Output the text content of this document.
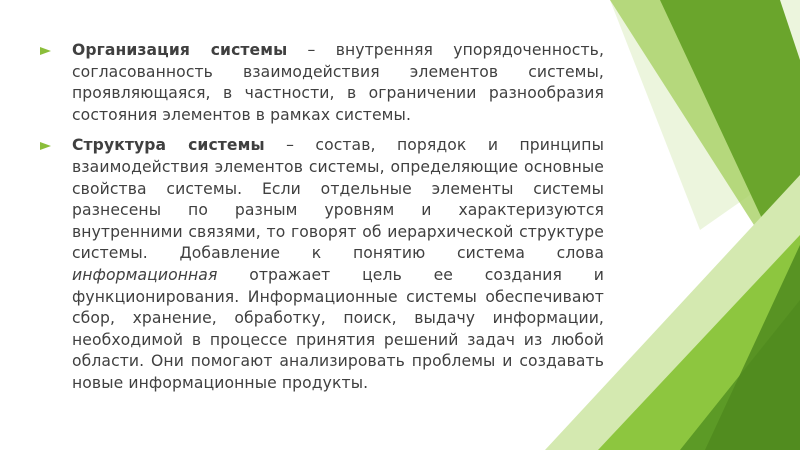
Организация системы – внутренняя упорядоченность, согласованность взаимодействия элементов системы, проявляющаяся, в частности, в ограничении разнообразия состояния элементов в рамках системы.

Структура системы – состав, порядок и принципы взаимодействия элементов системы, определяющие основные свойства системы. Если отдельные элементы системы разнесены по разным уровням и характеризуются внутренними связями, то говорят об иерархической структуре системы. Добавление к понятию система слова информационная отражает цель ее создания и функционирования. Информационные системы обеспечивают сбор, хранение, обработку, поиск, выдачу информации, необходимой в процессе принятия решений задач из любой области. Они помогают анализировать проблемы и создавать новые информационные продукты.
